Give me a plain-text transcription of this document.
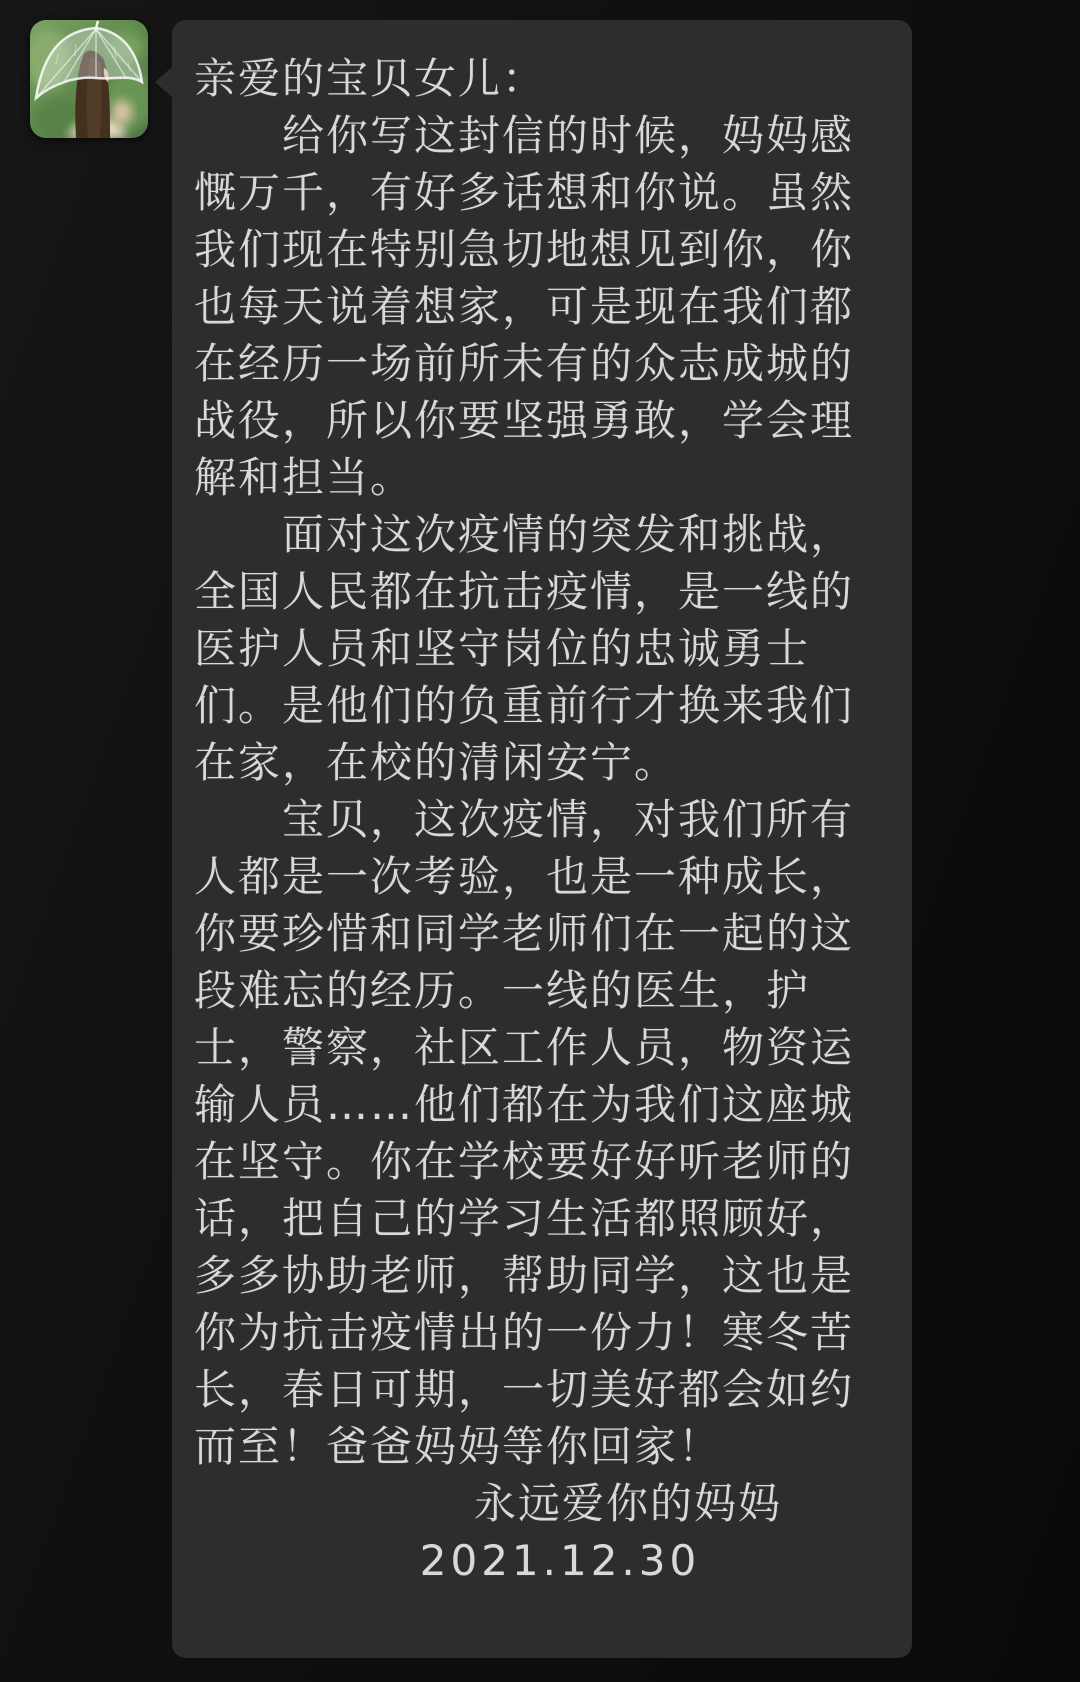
亲爱的宝贝女儿：
给你写这封信的时候，妈妈感
慨万千，有好多话想和你说。虽然
我们现在特别急切地想见到你，你
也每天说着想家，可是现在我们都
在经历一场前所未有的众志成城的
战役，所以你要坚强勇敢，学会理
解和担当。
面对这次疫情的突发和挑战，
全国人民都在抗击疫情，是一线的
医护人员和坚守岗位的忠诚勇士
们。是他们的负重前行才换来我们
在家，在校的清闲安宁。
宝贝，这次疫情，对我们所有
人都是一次考验，也是一种成长，
你要珍惜和同学老师们在一起的这
段难忘的经历。一线的医生，护
士，警察，社区工作人员，物资运
输人员……他们都在为我们这座城
在坚守。你在学校要好好听老师的
话，把自己的学习生活都照顾好，
多多协助老师，帮助同学，这也是
你为抗击疫情出的一份力！寒冬苦
长，春日可期，一切美好都会如约
而至！爸爸妈妈等你回家！
永远爱你的妈妈
2021.12.30
